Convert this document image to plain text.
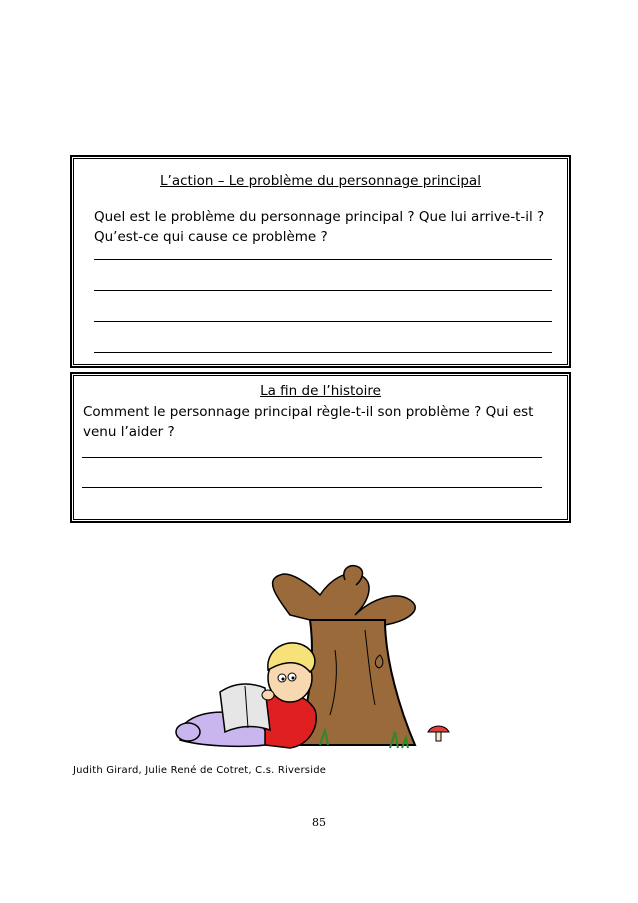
L’action – Le problème du personnage principal
Quel est le problème du personnage principal ? Que lui arrive-t-il ?
Qu’est-ce qui cause ce problème ?
La fin de l’histoire
Comment le personnage principal règle-t-il son problème ? Qui est
venu l’aider ?
Judith Girard, Julie René de Cotret, C.s. Riverside
85
